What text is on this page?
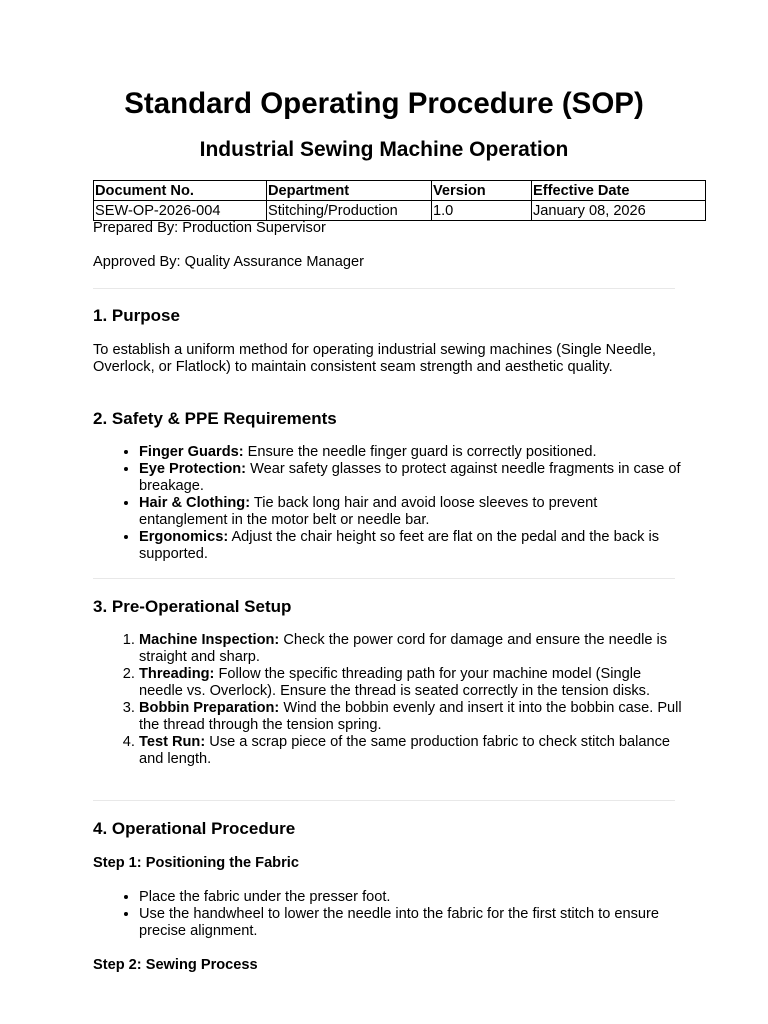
Standard Operating Procedure (SOP)
Industrial Sewing Machine Operation
Document No.	Department	Version	Effective Date
SEW-OP-2026-004	Stitching/Production	1.0	January 08, 2026
Prepared By: Production Supervisor
Approved By: Quality Assurance Manager
1. Purpose

To establish a uniform method for operating industrial sewing machines (Single Needle, Overlock, or Flatlock) to maintain consistent seam strength and aesthetic quality.

2. Safety & PPE Requirements
• Finger Guards: Ensure the needle finger guard is correctly positioned.
• Eye Protection: Wear safety glasses to protect against needle fragments in case of breakage.
• Hair & Clothing: Tie back long hair and avoid loose sleeves to prevent entanglement in the motor belt or needle bar.
• Ergonomics: Adjust the chair height so feet are flat on the pedal and the back is supported.
3. Pre-Operational Setup
1. Machine Inspection: Check the power cord for damage and ensure the needle is straight and sharp.
2. Threading: Follow the specific threading path for your machine model (Single needle vs. Overlock). Ensure the thread is seated correctly in the tension disks.
3. Bobbin Preparation: Wind the bobbin evenly and insert it into the bobbin case. Pull the thread through the tension spring.
4. Test Run: Use a scrap piece of the same production fabric to check stitch balance and length.
4. Operational Procedure
Step 1: Positioning the Fabric
• Place the fabric under the presser foot.
• Use the handwheel to lower the needle into the fabric for the first stitch to ensure precise alignment.
Step 2: Sewing Process
